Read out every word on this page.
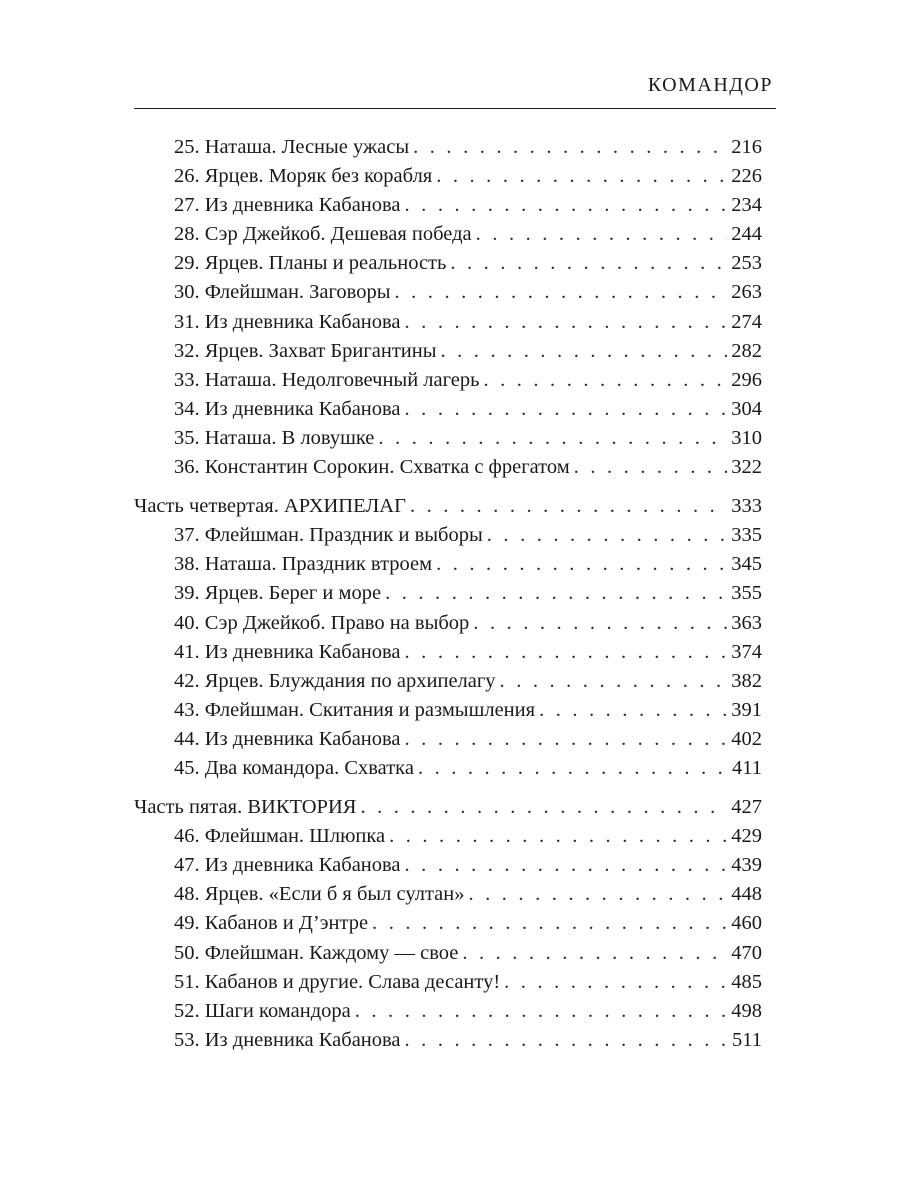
КОМАНДОР
25. Наташа. Лесные ужасы . . .	216
26. Ярцев. Моряк без корабля . . .	226
27. Из дневника Кабанова . . .	234
28. Сэр Джейкоб. Дешевая победа . . .	244
29. Ярцев. Планы и реальность . . .	253
30. Флейшман. Заговоры . . .	263
31. Из дневника Кабанова . . .	274
32. Ярцев. Захват Бригантины . . .	282
33. Наташа. Недолговечный лагерь . . .	296
34. Из дневника Кабанова . . .	304
35. Наташа. В ловушке . . .	310
36. Константин Сорокин. Схватка с фрегатом . . .	322
Часть четвертая. АРХИПЕЛАГ . . .	333
37. Флейшман. Праздник и выборы . . .	335
38. Наташа. Праздник втроем . . .	345
39. Ярцев. Берег и море . . .	355
40. Сэр Джейкоб. Право на выбор . . .	363
41. Из дневника Кабанова . . .	374
42. Ярцев. Блуждания по архипелагу . . .	382
43. Флейшман. Скитания и размышления . . .	391
44. Из дневника Кабанова . . .	402
45. Два командора. Схватка . . .	411
Часть пятая. ВИКТОРИЯ . . .	427
46. Флейшман. Шлюпка . . .	429
47. Из дневника Кабанова . . .	439
48. Ярцев. «Если б я был султан» . . .	448
49. Кабанов и Д’энтре . . .	460
50. Флейшман. Каждому — свое . . .	470
51. Кабанов и другие. Слава десанту! . . .	485
52. Шаги командора . . .	498
53. Из дневника Кабанова . . .	511
